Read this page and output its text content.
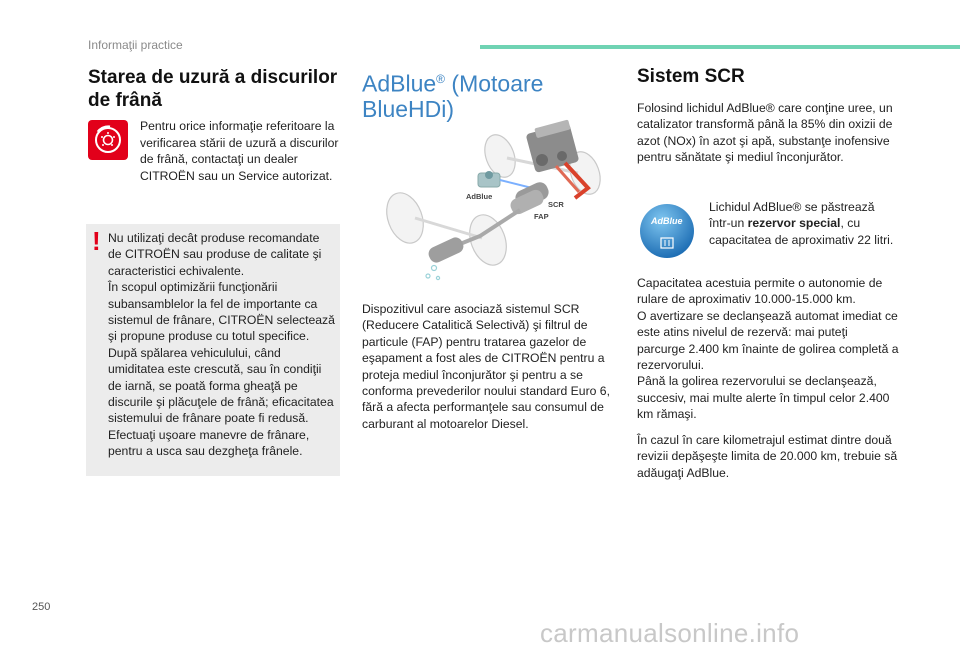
Informaţii practice
Starea de uzură a discurilor de frână

Pentru orice informaţie referitoare la verificarea stării de uzură a discurilor de frână, contactaţi un dealer CITROËN sau un Service autorizat.

! Nu utilizaţi decât produse recomandate de CITROËN sau produse de calitate şi caracteristici echivalente.

În scopul optimizării funcţionării subansamblelor la fel de importante ca sistemul de frânare, CITROËN selectează şi propune produse cu totul specifice.

După spălarea vehiculului, când umiditatea este crescută, sau în condiţii de iarnă, se poată forma gheaţă pe discurile şi plăcuţele de frână; eficacitatea sistemului de frânare poate fi redusă. Efectuaţi uşoare manevre de frânare, pentru a usca sau dezgheţa frânele.

AdBlue® (Motoare BlueHDi)
AdBlue
SCR
FAP

Dispozitivul care asociază sistemul SCR (Reducere Catalitică Selectivă) şi filtrul de particule (FAP) pentru tratarea gazelor de eşapament a fost ales de CITROËN pentru a proteja mediul înconjurător şi pentru a se conforma prevederilor noului standard Euro 6, fără a afecta performanţele sau consumul de carburant al motoarelor Diesel.

Sistem SCR

Folosind lichidul AdBlue® care conţine uree, un catalizator transformă până la 85% din oxizii de azot (NOx) în azot şi apă, substanţe inofensive pentru sănătate şi mediul înconjurător.

AdBlue

Lichidul AdBlue® se păstrează într-un rezervor special, cu capacitatea de aproximativ 22 litri.

Capacitatea acestuia permite o autonomie de rulare de aproximativ 10.000-15.000 km.

O avertizare se declanşează automat imediat ce este atins nivelul de rezervă: mai puteţi parcurge 2.400 km înainte de golirea completă a rezervorului.

Până la golirea rezervorului se declanşează, succesiv, mai multe alerte în timpul celor 2.400 km rămaşi.

În cazul în care kilometrajul estimat dintre două revizii depăşeşte limita de 20.000 km, trebuie să adăugaţi AdBlue.

250
carmanualsonline.info
